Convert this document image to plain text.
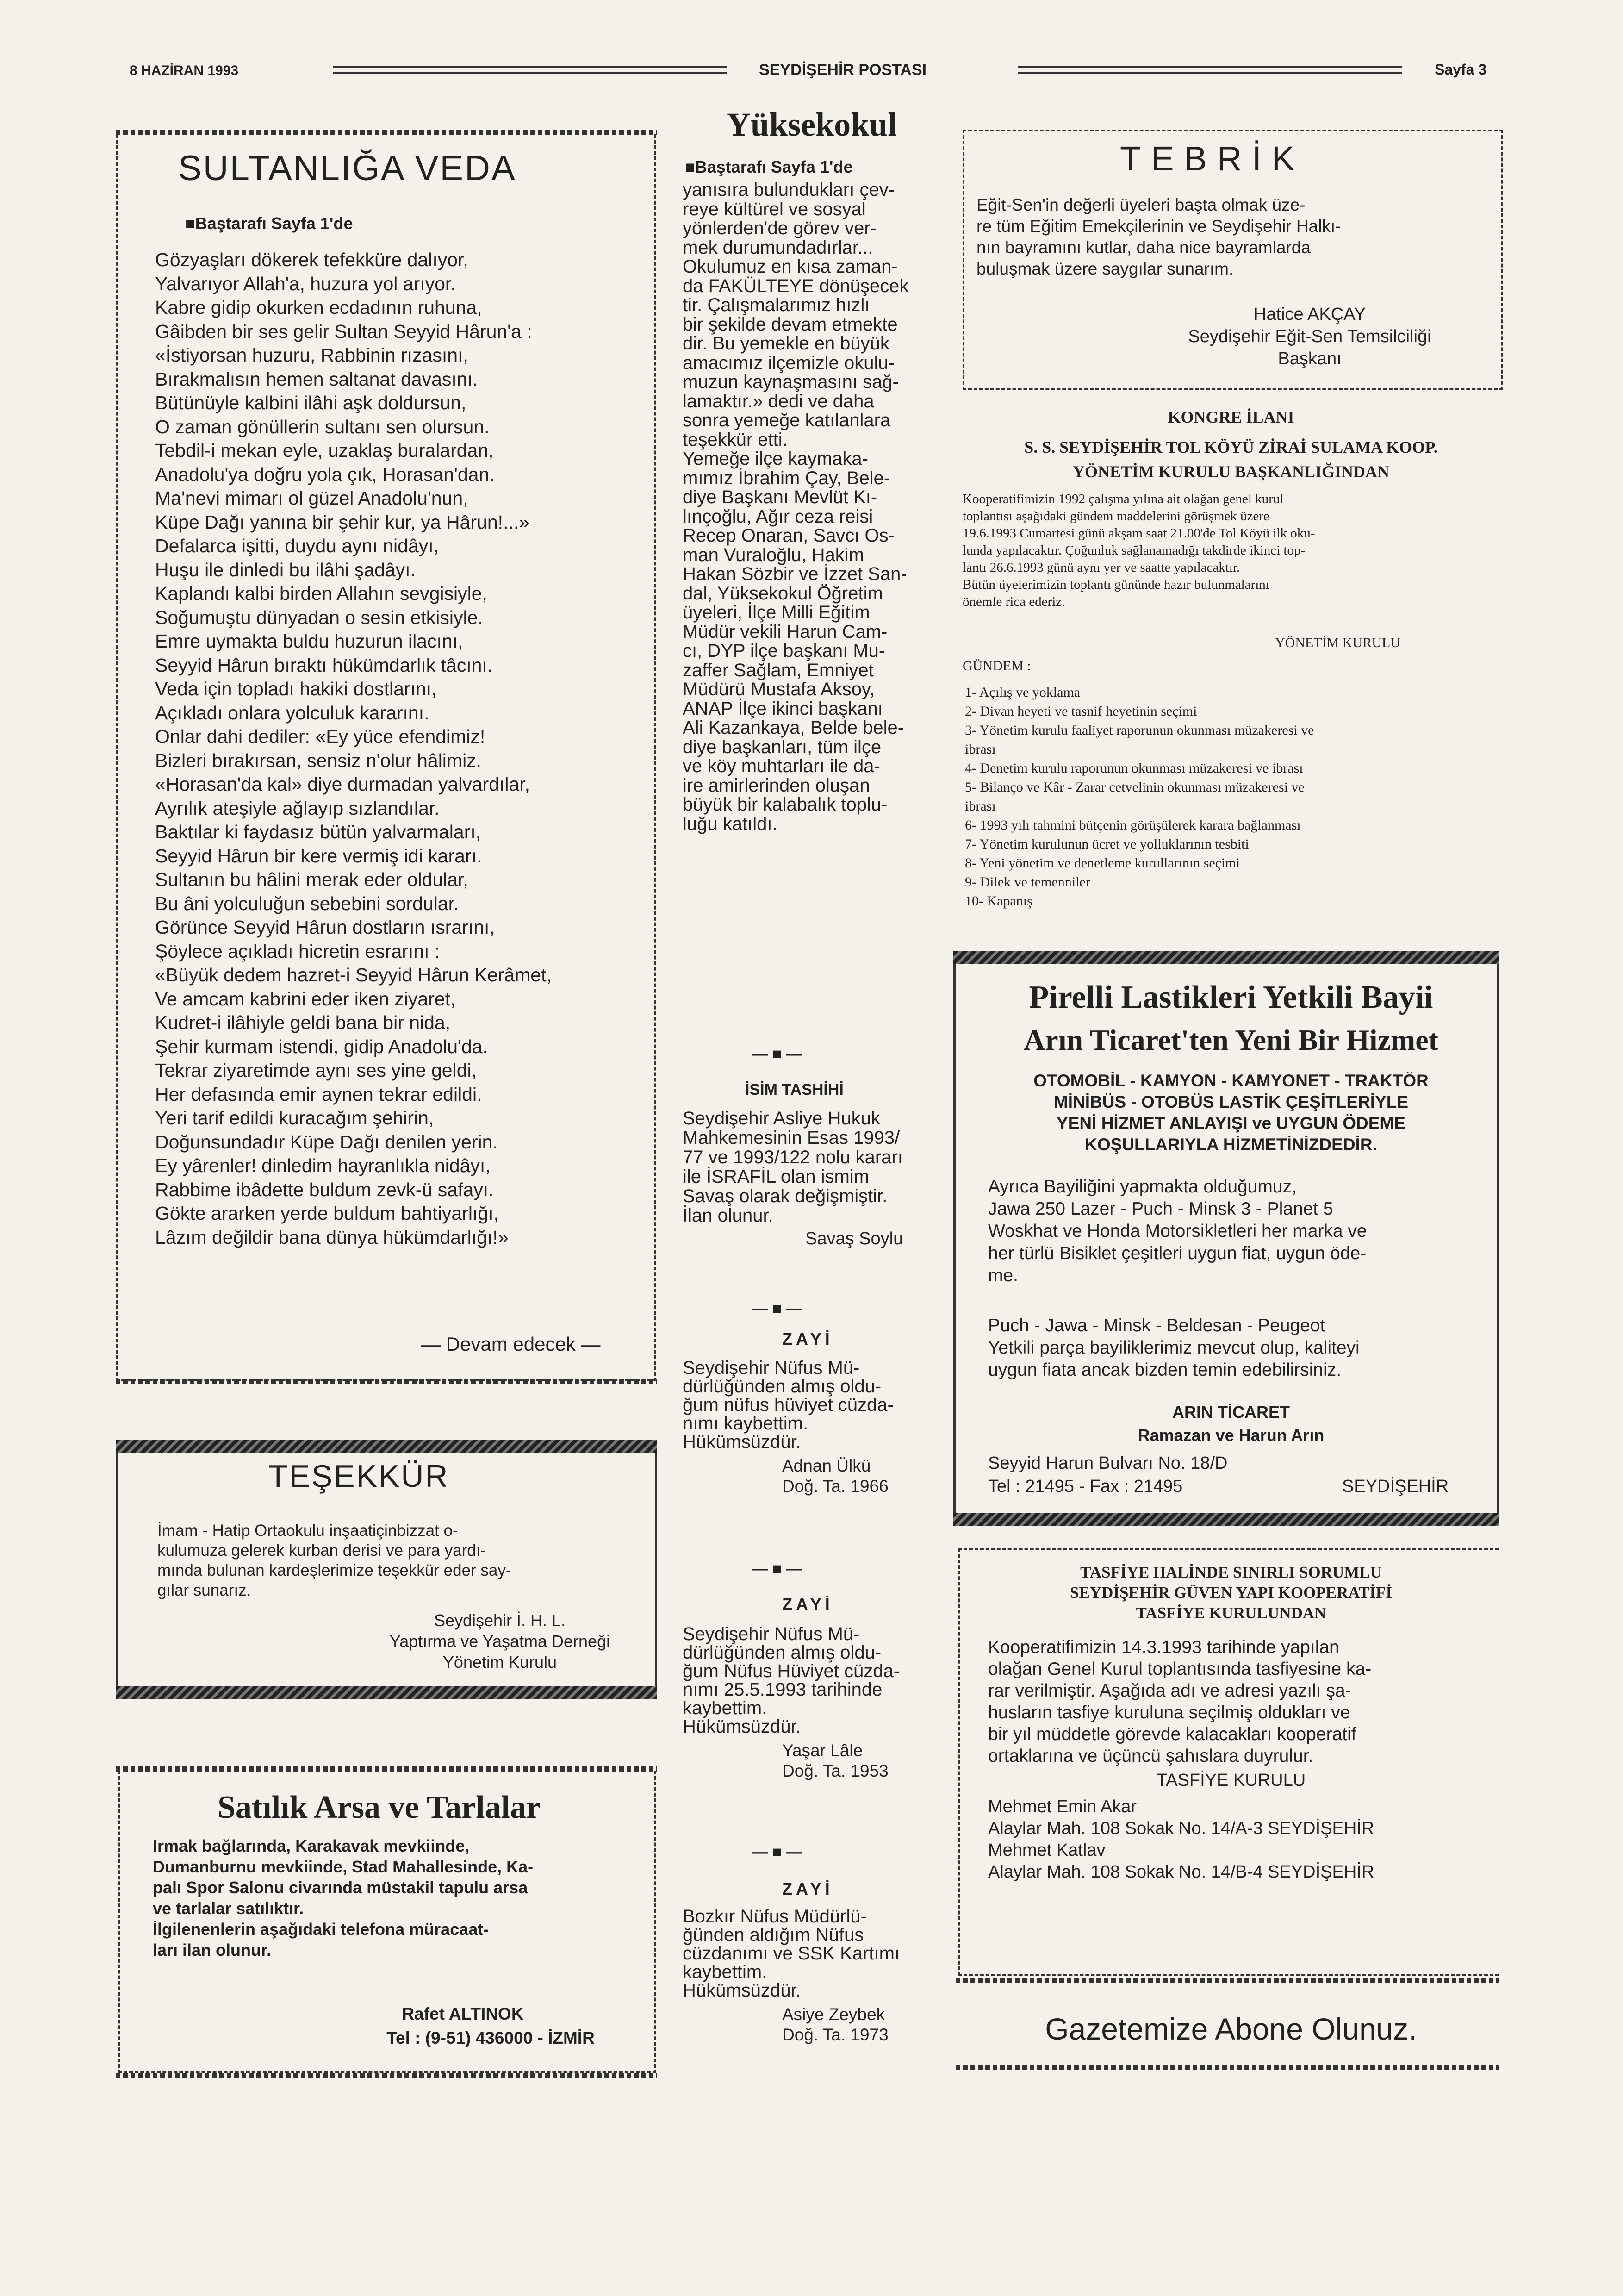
8 HAZİRAN 1993	SEYDİŞEHİR POSTASI	Sayfa 3
SULTANLIĞA VEDA
■Baştarafı Sayfa 1'de
Gözyaşları dökerek tefekküre dalıyor,
Yalvarıyor Allah'a, huzura yol arıyor.
Kabre gidip okurken ecdadının ruhuna,
Gâibden bir ses gelir Sultan Seyyid Hârun'a :
«İstiyorsan huzuru, Rabbinin rızasını,
Bırakmalısın hemen saltanat davasını.
Bütünüyle kalbini ilâhi aşk doldursun,
O zaman gönüllerin sultanı sen olursun.
Tebdil-i mekan eyle, uzaklaş buralardan,
Anadolu'ya doğru yola çık, Horasan'dan.
Ma'nevi mimarı ol güzel Anadolu'nun,
Küpe Dağı yanına bir şehir kur, ya Hârun!...»
Defalarca işitti, duydu aynı nidâyı,
Huşu ile dinledi bu ilâhi şadâyı.
Kaplandı kalbi birden Allahın sevgisiyle,
Soğumuştu dünyadan o sesin etkisiyle.
Emre uymakta buldu huzurun ilacını,
Seyyid Hârun bıraktı hükümdarlık tâcını.
Veda için topladı hakiki dostlarını,
Açıkladı onlara yolculuk kararını.
Onlar dahi dediler: «Ey yüce efendimiz!
Bizleri bırakırsan, sensiz n'olur hâlimiz.
«Horasan'da kal» diye durmadan yalvardılar,
Ayrılık ateşiyle ağlayıp sızlandılar.
Baktılar ki faydasız bütün yalvarmaları,
Seyyid Hârun bir kere vermiş idi kararı.
Sultanın bu hâlini merak eder oldular,
Bu âni yolculuğun sebebini sordular.
Görünce Seyyid Hârun dostların ısrarını,
Şöylece açıkladı hicretin esrarını :
«Büyük dedem hazret-i Seyyid Hârun Kerâmet,
Ve amcam kabrini eder iken ziyaret,
Kudret-i ilâhiyle geldi bana bir nida,
Şehir kurmam istendi, gidip Anadolu'da.
Tekrar ziyaretimde aynı ses yine geldi,
Her defasında emir aynen tekrar edildi.
Yeri tarif edildi kuracağım şehirin,
Doğunsundadır Küpe Dağı denilen yerin.
Ey yârenler! dinledim hayranlıkla nidâyı,
Rabbime ibâdette buldum zevk-ü safayı.
Gökte ararken yerde buldum bahtiyarlığı,
Lâzım değildir bana dünya hükümdarlığı!»
— Devam edecek —
TEŞEKKÜR
İmam - Hatip Ortaokulu inşaatiçinbizzat o-
kulumuza gelerek kurban derisi ve para yardı-
mında bulunan kardeşlerimize teşekkür eder say-
gılar sunarız.
Seydişehir İ. H. L.
Yaptırma ve Yaşatma Derneği
Yönetim Kurulu
Satılık Arsa ve Tarlalar
Irmak bağlarında, Karakavak mevkiinde,
Dumanburnu mevkiinde, Stad Mahallesinde, Ka-
palı Spor Salonu civarında müstakil tapulu arsa
ve tarlalar satılıktır.
İlgilenenlerin aşağıdaki telefona müracaat-
ları ilan olunur.
Rafet ALTINOK
Tel : (9-51) 436000 - İZMİR
Yüksekokul
■Baştarafı Sayfa 1'de
yanısıra bulundukları çev-
reye kültürel ve sosyal
yönlerden'de görev ver-
mek durumundadırlar...
Okulumuz en kısa zaman-
da FAKÜLTEYE dönüşecek
tir. Çalışmalarımız hızlı
bir şekilde devam etmekte
dir. Bu yemekle en büyük
amacımız ilçemizle okulu-
muzun kaynaşmasını sağ-
lamaktır.» dedi ve daha
sonra yemeğe katılanlara
teşekkür etti.
Yemeğe ilçe kaymaka-
mımız İbrahim Çay, Bele-
diye Başkanı Mevlüt Kı-
lınçoğlu, Ağır ceza reisi
Recep Onaran, Savcı Os-
man Vuraloğlu, Hakim
Hakan Sözbir ve İzzet San-
dal, Yüksekokul Öğretim
üyeleri, İlçe Milli Eğitim
Müdür vekili Harun Cam-
cı, DYP ilçe başkanı Mu-
zaffer Sağlam, Emniyet
Müdürü Mustafa Aksoy,
ANAP İlçe ikinci başkanı
Ali Kazankaya, Belde bele-
diye başkanları, tüm ilçe
ve köy muhtarları ile da-
ire amirlerinden oluşan
büyük bir kalabalık toplu-
luğu katıldı.
— ■ —
İSİM TASHİHİ
Seydişehir Asliye Hukuk
Mahkemesinin Esas 1993/
77 ve 1993/122 nolu kararı
ile İSRAFİL olan ismim
Savaş olarak değişmiştir.
İlan olunur.
Savaş Soylu
— ■ —
ZAYİ
Seydişehir Nüfus Mü-
dürlüğünden almış oldu-
ğum nüfus hüviyet cüzda-
nımı kaybettim.
Hükümsüzdür.
Adnan Ülkü
Doğ. Ta. 1966
— ■ —
ZAYİ
Seydişehir Nüfus Mü-
dürlüğünden almış oldu-
ğum Nüfus Hüviyet cüzda-
nımı 25.5.1993 tarihinde
kaybettim.
Hükümsüzdür.
Yaşar Lâle
Doğ. Ta. 1953
— ■ —
ZAYİ
Bozkır Nüfus Müdürlü-
ğünden aldığım Nüfus
cüzdanımı ve SSK Kartımı
kaybettim.
Hükümsüzdür.
Asiye Zeybek
Doğ. Ta. 1973
TEBRİK
Eğit-Sen'in değerli üyeleri başta olmak üze-
re tüm Eğitim Emekçilerinin ve Seydişehir Halkı-
nın bayramını kutlar, daha nice bayramlarda
buluşmak üzere saygılar sunarım.
Hatice AKÇAY
Seydişehir Eğit-Sen Temsilciliği
Başkanı
KONGRE İLANI
S. S. SEYDİŞEHİR TOL KÖYÜ ZİRAİ SULAMA KOOP.
YÖNETİM KURULU BAŞKANLIĞINDAN
Kooperatifimizin 1992 çalışma yılına ait olağan genel kurul
toplantısı aşağıdaki gündem maddelerini görüşmek üzere
19.6.1993 Cumartesi günü akşam saat 21.00'de Tol Köyü ilk oku-
lunda yapılacaktır. Çoğunluk sağlanamadığı takdirde ikinci top-
lantı 26.6.1993 günü aynı yer ve saatte yapılacaktır.
Bütün üyelerimizin toplantı gününde hazır bulunmalarını
önemle rica ederiz.
YÖNETİM KURULU
GÜNDEM :
1- Açılış ve yoklama
2- Divan heyeti ve tasnif heyetinin seçimi
3- Yönetim kurulu faaliyet raporunun okunması müzakeresi ve
ibrası
4- Denetim kurulu raporunun okunması müzakeresi ve ibrası
5- Bilanço ve Kâr - Zarar cetvelinin okunması müzakeresi ve
ibrası
6- 1993 yılı tahmini bütçenin görüşülerek karara bağlanması
7- Yönetim kurulunun ücret ve yolluklarının tesbiti
8- Yeni yönetim ve denetleme kurullarının seçimi
9- Dilek ve temenniler
10- Kapanış
Pirelli Lastikleri Yetkili Bayii
Arın Ticaret'ten Yeni Bir Hizmet
OTOMOBİL - KAMYON - KAMYONET - TRAKTÖR
MİNİBÜS - OTOBÜS LASTİK ÇEŞİTLERİYLE
YENİ HİZMET ANLAYIŞI ve UYGUN ÖDEME
KOŞULLARIYLA HİZMETİNİZDEDİR.
Ayrıca Bayiliğini yapmakta olduğumuz,
Jawa 250 Lazer - Puch - Minsk 3 - Planet 5
Woskhat ve Honda Motorsikletleri her marka ve
her türlü Bisiklet çeşitleri uygun fiat, uygun öde-
me.
Puch - Jawa - Minsk - Beldesan - Peugeot
Yetkili parça bayiliklerimiz mevcut olup, kaliteyi
uygun fiata ancak bizden temin edebilirsiniz.
ARIN TİCARET
Ramazan ve Harun Arın
Seyyid Harun Bulvarı No. 18/D
Tel : 21495 - Fax : 21495	SEYDİŞEHİR
TASFİYE HALİNDE SINIRLI SORUMLU
SEYDİŞEHİR GÜVEN YAPI KOOPERATİFİ
TASFİYE KURULUNDAN
Kooperatifimizin 14.3.1993 tarihinde yapılan
olağan Genel Kurul toplantısında tasfiyesine ka-
rar verilmiştir. Aşağıda adı ve adresi yazılı şa-
husların tasfiye kuruluna seçilmiş oldukları ve
bir yıl müddetle görevde kalacakları kooperatif
ortaklarına ve üçüncü şahıslara duyrulur.
TASFİYE KURULU
Mehmet Emin Akar
Alaylar Mah. 108 Sokak No. 14/A-3 SEYDİŞEHİR
Mehmet Katlav
Alaylar Mah. 108 Sokak No. 14/B-4 SEYDİŞEHİR
Gazetemize Abone Olunuz.
